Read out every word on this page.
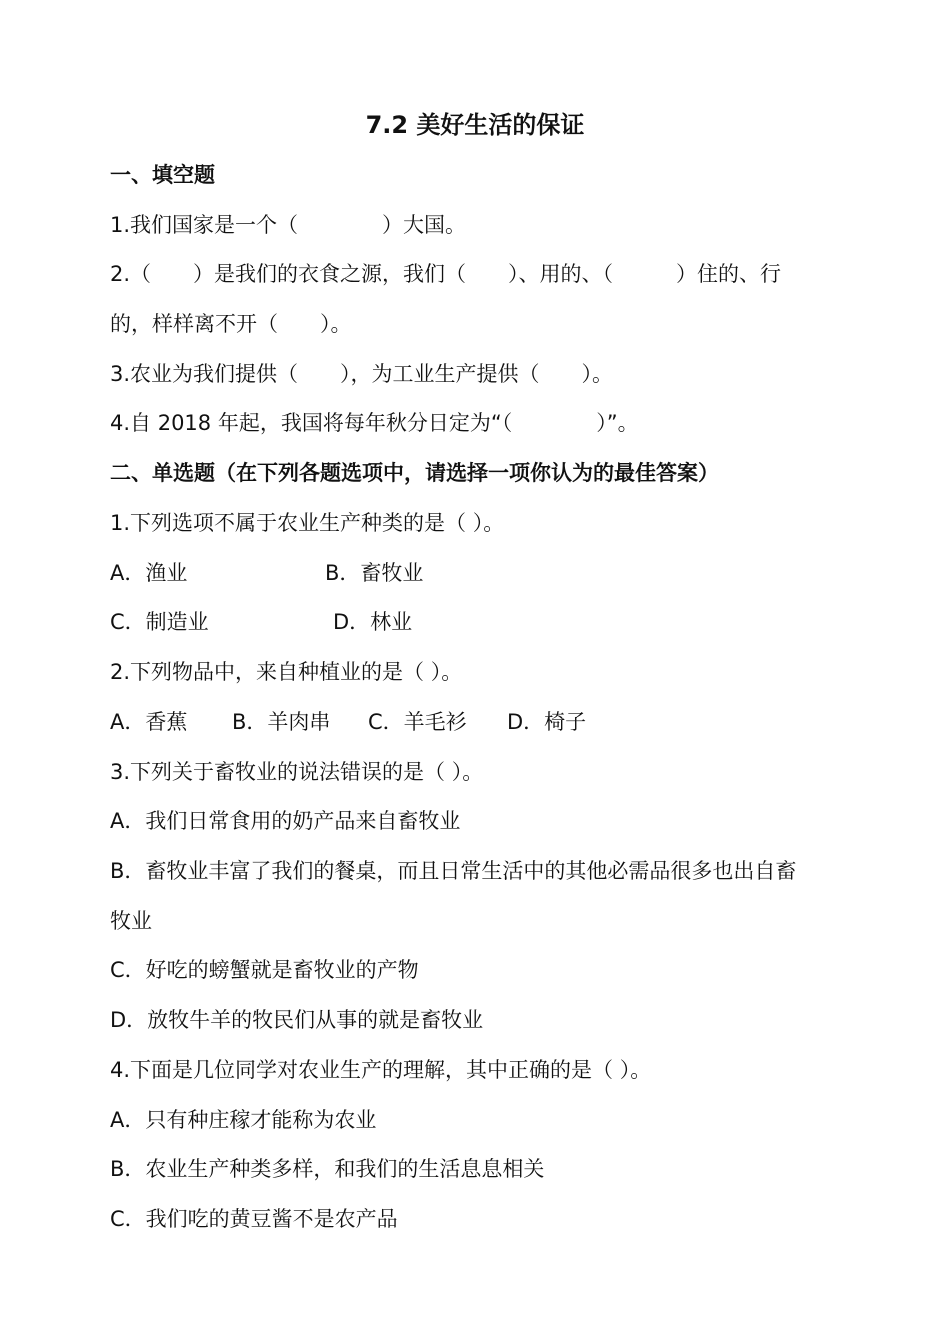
7.2 美好生活的保证
一、填空题
1.我们国家是一个（　　　　）大国。
2.（　　）是我们的衣食之源，我们（　　）、用的、（　　　）住的、行
的，样样离不开（　　）。
3.农业为我们提供（　　），为工业生产提供（　　）。
4.自 2018 年起，我国将每年秋分日定为“（　　　　）”。
二、单选题（在下列各题选项中，请选择一项你认为的最佳答案）
1.下列选项不属于农业生产种类的是（ ）。
A．渔业	B．畜牧业
C．制造业	D．林业
2.下列物品中，来自种植业的是（ ）。
A．香蕉 B．羊肉串 C．羊毛衫 D．椅子
3.下列关于畜牧业的说法错误的是（ ）。
A．我们日常食用的奶产品来自畜牧业
B．畜牧业丰富了我们的餐桌，而且日常生活中的其他必需品很多也出自畜
牧业
C．好吃的螃蟹就是畜牧业的产物
D．放牧牛羊的牧民们从事的就是畜牧业
4.下面是几位同学对农业生产的理解，其中正确的是（ ）。
A．只有种庄稼才能称为农业
B．农业生产种类多样，和我们的生活息息相关
C．我们吃的黄豆酱不是农产品
